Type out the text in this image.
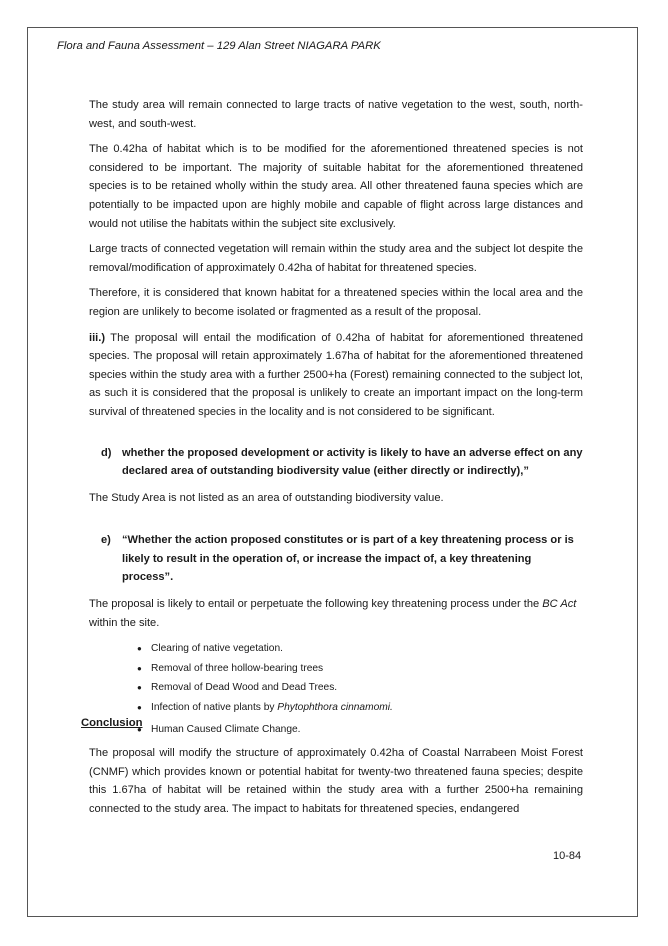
Flora and Fauna Assessment – 129 Alan Street NIAGARA PARK

The study area will remain connected to large tracts of native vegetation to the west, south, north-west, and south-west.

The 0.42ha of habitat which is to be modified for the aforementioned threatened species is not considered to be important. The majority of suitable habitat for the aforementioned threatened species is to be retained wholly within the study area. All other threatened fauna species which are potentially to be impacted upon are highly mobile and capable of flight across large distances and would not utilise the habitats within the subject site exclusively.

Large tracts of connected vegetation will remain within the study area and the subject lot despite the removal/modification of approximately 0.42ha of habitat for threatened species.

Therefore, it is considered that known habitat for a threatened species within the local area and the region are unlikely to become isolated or fragmented as a result of the proposal.

iii.) The proposal will entail the modification of 0.42ha of habitat for aforementioned threatened species. The proposal will retain approximately 1.67ha of habitat for the aforementioned threatened species within the study area with a further 2500+ha (Forest) remaining connected to the subject lot, as such it is considered that the proposal is unlikely to create an important impact on the long-term survival of threatened species in the locality and is not considered to be significant.

d) whether the proposed development or activity is likely to have an adverse effect on any declared area of outstanding biodiversity value (either directly or indirectly),”

The Study Area is not listed as an area of outstanding biodiversity value.

e) “Whether the action proposed constitutes or is part of a key threatening process or is likely to result in the operation of, or increase the impact of, a key threatening process”.

The proposal is likely to entail or perpetuate the following key threatening process under the BC Act within the site.

● Clearing of native vegetation.
● Removal of three hollow-bearing trees
● Removal of Dead Wood and Dead Trees.
● Infection of native plants by Phytophthora cinnamomi.
● Human Caused Climate Change.
Conclusion

The proposal will modify the structure of approximately 0.42ha of Coastal Narrabeen Moist Forest (CNMF) which provides known or potential habitat for twenty-two threatened fauna species; despite this 1.67ha of habitat will be retained within the study area with a further 2500+ha remaining connected to the study area. The impact to habitats for threatened species, endangered

10-84
